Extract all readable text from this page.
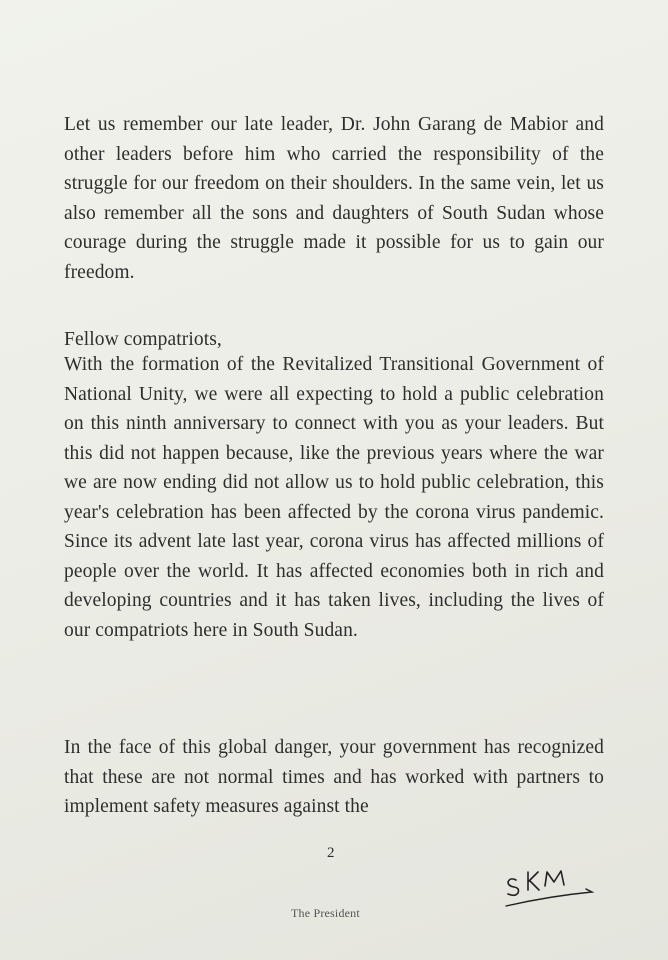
Let us remember our late leader, Dr. John Garang de Mabior and other leaders before him who carried the responsibility of the struggle for our freedom on their shoulders. In the same vein, let us also remember all the sons and daughters of South Sudan whose courage during the struggle made it possible for us to gain our freedom.

Fellow compatriots,

With the formation of the Revitalized Transitional Government of National Unity, we were all expecting to hold a public celebration on this ninth anniversary to connect with you as your leaders. But this did not happen because, like the previous years where the war we are now ending did not allow us to hold public celebration, this year's celebration has been affected by the corona virus pandemic. Since its advent late last year, corona virus has affected millions of people over the world. It has affected economies both in rich and developing countries and it has taken lives, including the lives of our compatriots here in South Sudan.

In the face of this global danger, your government has recognized that these are not normal times and has worked with partners to implement safety measures against the

2
The President
